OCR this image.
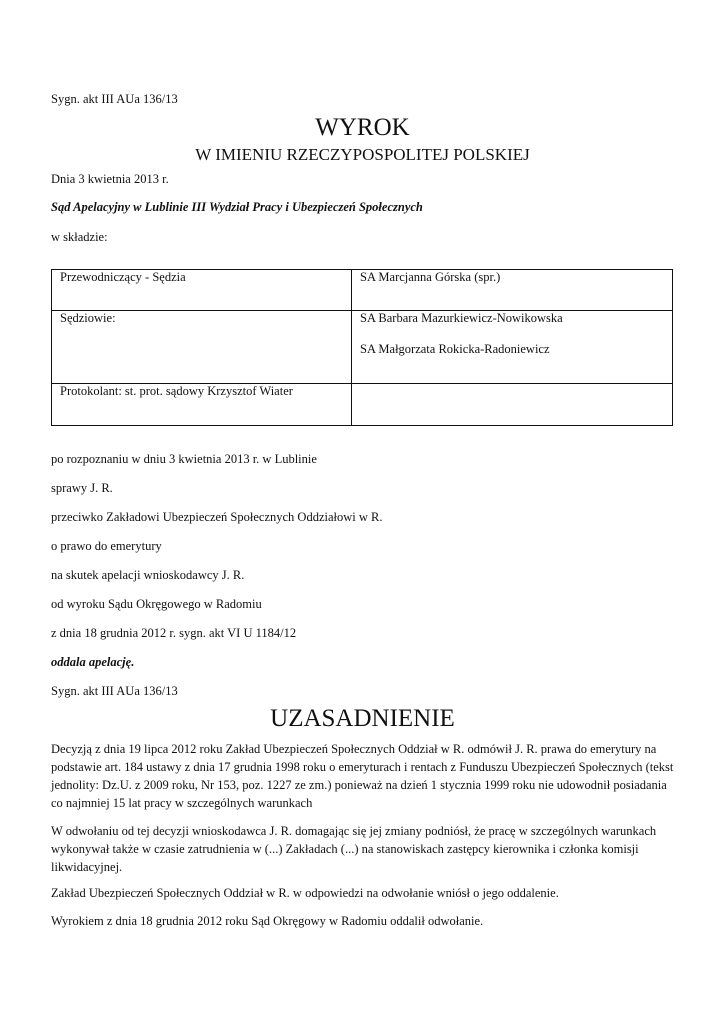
Sygn. akt III AUa 136/13
WYROK
W IMIENIU RZECZYPOSPOLITEJ POLSKIEJ
Dnia 3 kwietnia 2013 r.
Sąd Apelacyjny w Lublinie III Wydział Pracy i Ubezpieczeń Społecznych
w składzie:
Przewodniczący - Sędzia	SA Marcjanna Górska (spr.)
Sędziowie:	SA Barbara Mazurkiewicz-Nowikowska
SA Małgorzata Rokicka-Radoniewicz

Protokolant: st. prot. sądowy Krzysztof Wiater	
po rozpoznaniu w dniu 3 kwietnia 2013 r. w Lublinie
sprawy J. R.
przeciwko Zakładowi Ubezpieczeń Społecznych Oddziałowi w R.
o prawo do emerytury
na skutek apelacji wnioskodawcy J. R.
od wyroku Sądu Okręgowego w Radomiu
z dnia 18 grudnia 2012 r. sygn. akt VI U 1184/12
oddala apelację.
Sygn. akt III AUa 136/13
UZASADNIENIE
Decyzją z dnia 19 lipca 2012 roku Zakład Ubezpieczeń Społecznych Oddział w R. odmówił J. R. prawa do emerytury na podstawie art. 184 ustawy z dnia 17 grudnia 1998 roku o emeryturach i rentach z Funduszu Ubezpieczeń Społecznych (tekst jednolity: Dz.U. z 2009 roku, Nr 153, poz. 1227 ze zm.) ponieważ na dzień 1 stycznia 1999 roku nie udowodnił posiadania co najmniej 15 lat pracy w szczególnych warunkach
W odwołaniu od tej decyzji wnioskodawca J. R. domagając się jej zmiany podniósł, że pracę w szczególnych warunkach wykonywał także w czasie zatrudnienia w (...) Zakładach (...) na stanowiskach zastępcy kierownika i członka komisji likwidacyjnej.
Zakład Ubezpieczeń Społecznych Oddział w R. w odpowiedzi na odwołanie wniósł o jego oddalenie.
Wyrokiem z dnia 18 grudnia 2012 roku Sąd Okręgowy w Radomiu oddalił odwołanie.
